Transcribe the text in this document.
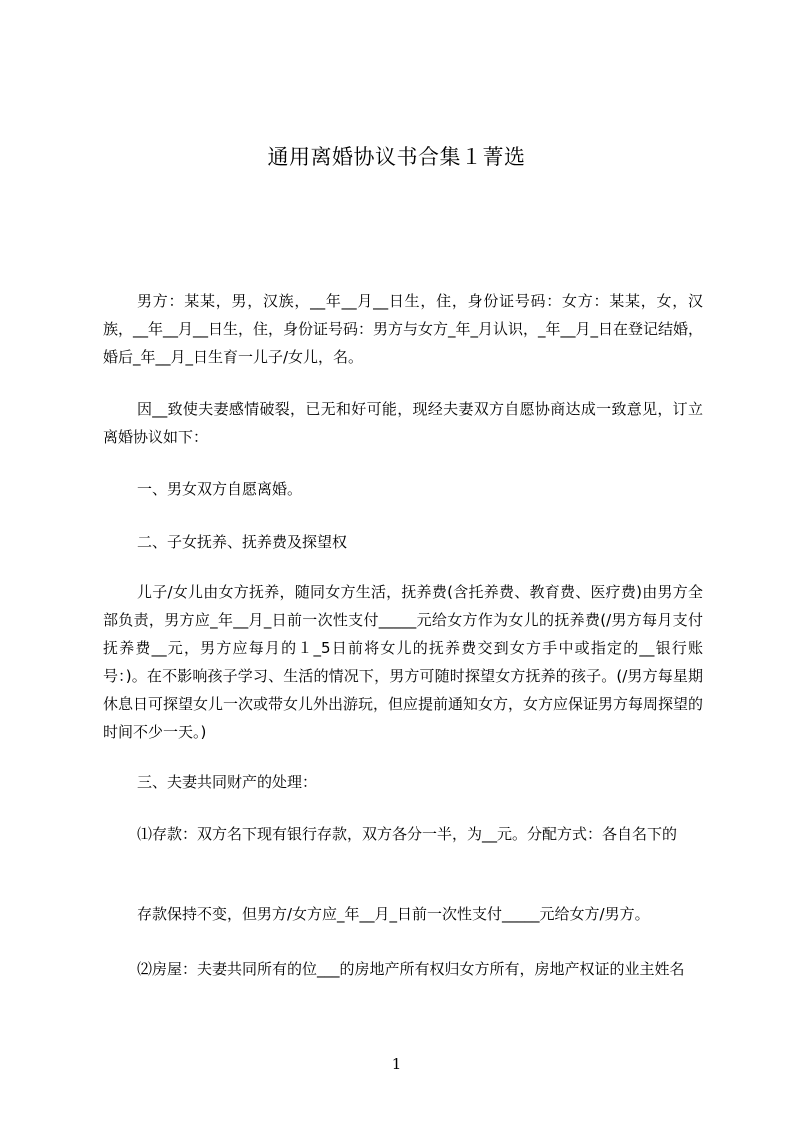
通用离婚协议书合集１菁选
男方：某某，男，汉族，__年__月__日生，住，身份证号码：女方：某某，女，汉族，__年__月__日生，住，身份证号码：男方与女方_年_月认识，_年__月_日在登记结婚，婚后_年__月_日生育一儿子/女儿，名。
因__致使夫妻感情破裂，已无和好可能，现经夫妻双方自愿协商达成一致意见，订立离婚协议如下：
一、男女双方自愿离婚。
二、子女抚养、抚养费及探望权
儿子/女儿由女方抚养，随同女方生活，抚养费(含托养费、教育费、医疗费)由男方全部负责，男方应_年__月_日前一次性支付_____元给女方作为女儿的抚养费(/男方每月支付抚养费__元，男方应每月的１_5日前将女儿的抚养费交到女方手中或指定的__银行账号：)。在不影响孩子学习、生活的情况下，男方可随时探望女方抚养的孩子。(/男方每星期休息日可探望女儿一次或带女儿外出游玩，但应提前通知女方，女方应保证男方每周探望的时间不少一天。)
三、夫妻共同财产的处理：
⑴存款：双方名下现有银行存款，双方各分一半，为__元。分配方式：各自名下的
存款保持不变，但男方/女方应_年__月_日前一次性支付_____元给女方/男方。
⑵房屋：夫妻共同所有的位___的房地产所有权归女方所有，房地产权证的业主姓名
1
